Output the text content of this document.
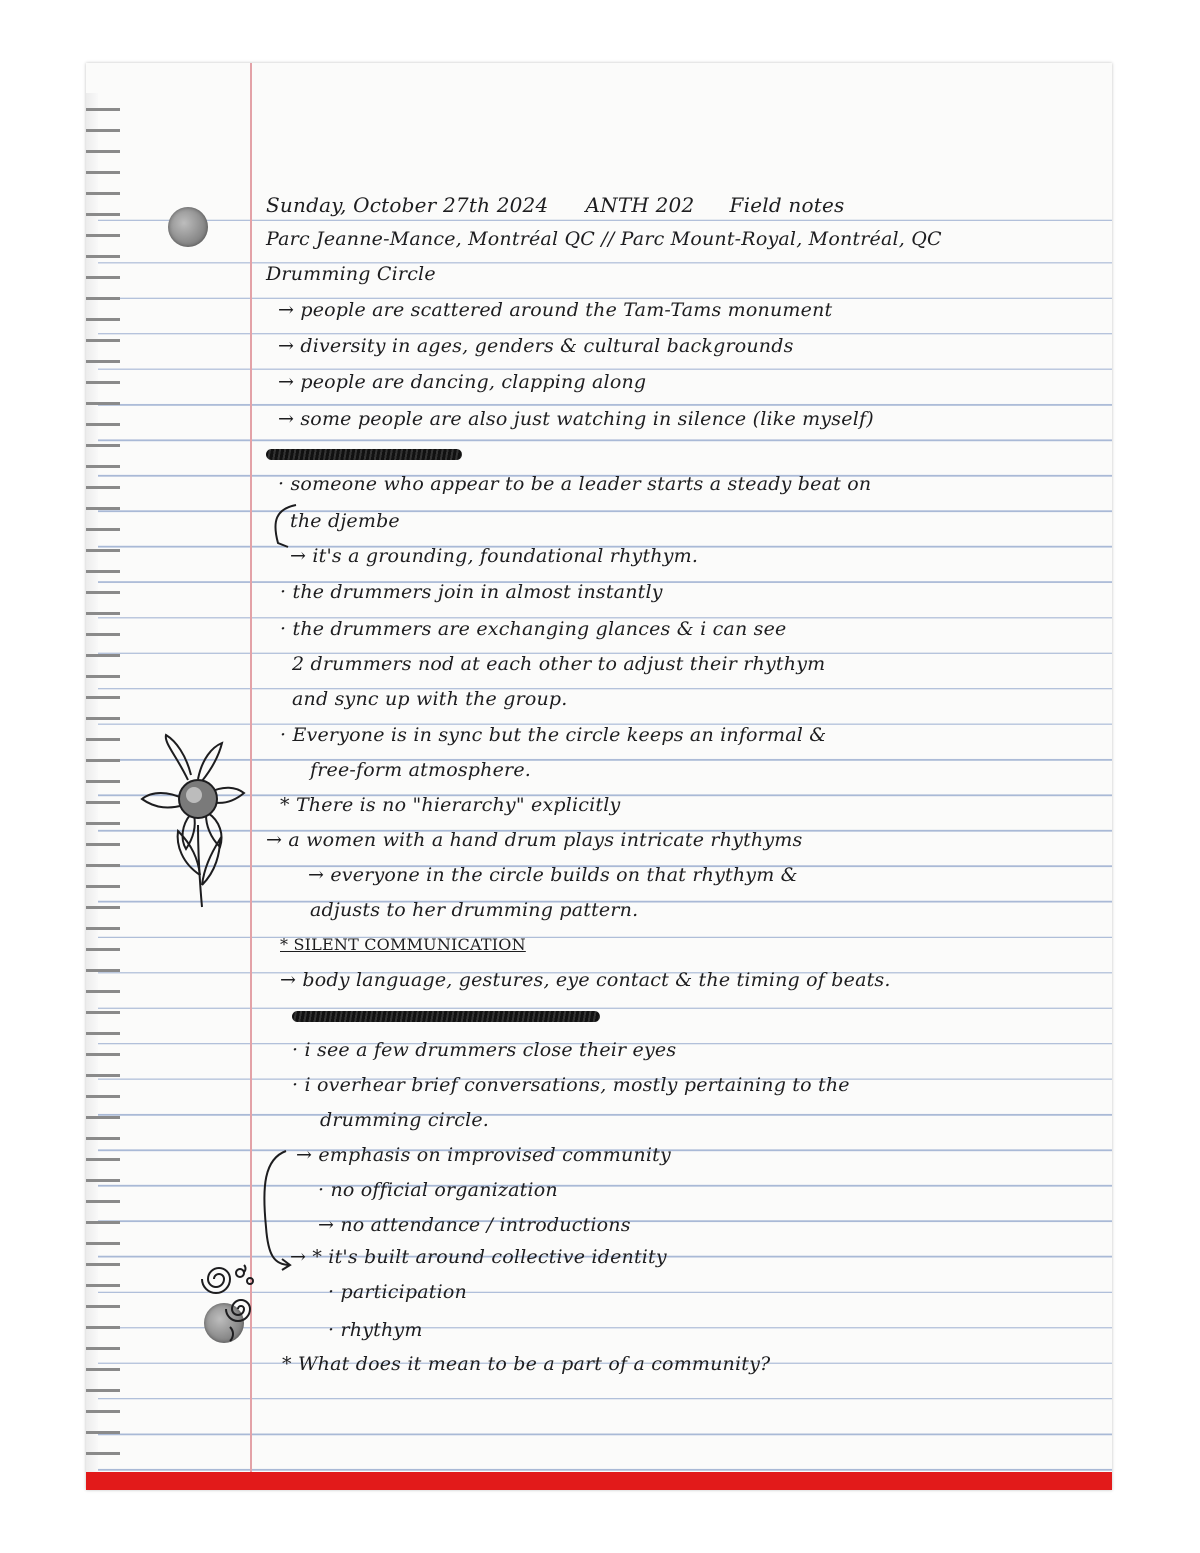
Sunday, October 27th 2024 ANTH 202 Field notes

Parc Jeanne-Mance, Montréal QC // Parc Mount-Royal, Montréal, QC

Drumming Circle

→ people are scattered around the Tam-Tams monument

→ diversity in ages, genders & cultural backgrounds

→ people are dancing, clapping along

→ some people are also just watching in silence (like myself)

· someone who appear to be a leader starts a steady beat on

the djembe

→ it's a grounding, foundational rhythym.

· the drummers join in almost instantly

· the drummers are exchanging glances & i can see

2 drummers nod at each other to adjust their rhythym

and sync up with the group.

· Everyone is in sync but the circle keeps an informal &

free-form atmosphere.

* There is no "hierarchy" explicitly

→ a women with a hand drum plays intricate rhythyms

→ everyone in the circle builds on that rhythym &

adjusts to her drumming pattern.

* SILENT COMMUNICATION

→ body language, gestures, eye contact & the timing of beats.

· i see a few drummers close their eyes

· i overhear brief conversations, mostly pertaining to the

drumming circle.

→ emphasis on improvised community

· no official organization

→ no attendance / introductions

→ * it's built around collective identity

· participation

· rhythym

* What does it mean to be a part of a community?
